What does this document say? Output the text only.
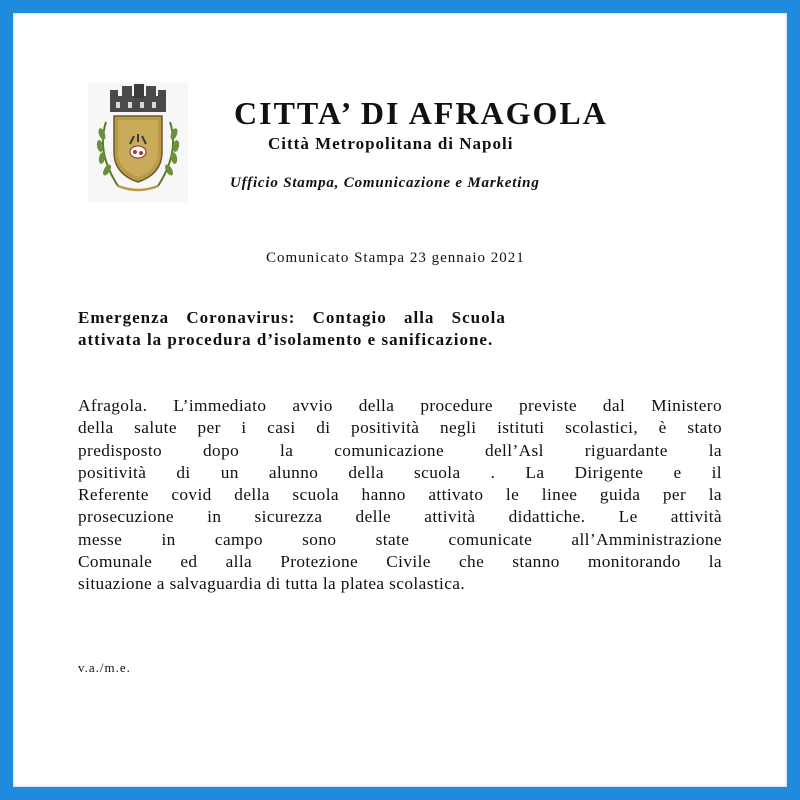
CITTA’ DI AFRAGOLA
Città Metropolitana di Napoli
Ufficio Stampa, Comunicazione e Marketing
Comunicato Stampa 23 gennaio 2021
Emergenza Coronavirus: Contagio alla Scuola
attivata la procedura d’isolamento e sanificazione.
Afragola. L’immediato avvio della procedure previste dal Ministero
della salute per i casi di positività negli istituti scolastici, è stato
predisposto dopo la comunicazione dell’Asl riguardante la
positività di un alunno della scuola . La Dirigente e il
Referente covid della scuola hanno attivato le linee guida per la
prosecuzione in sicurezza delle attività didattiche. Le attività
messe in campo sono state comunicate all’Amministrazione
Comunale ed alla Protezione Civile che stanno monitorando la
situazione a salvaguardia di tutta la platea scolastica.
v.a./m.e.
